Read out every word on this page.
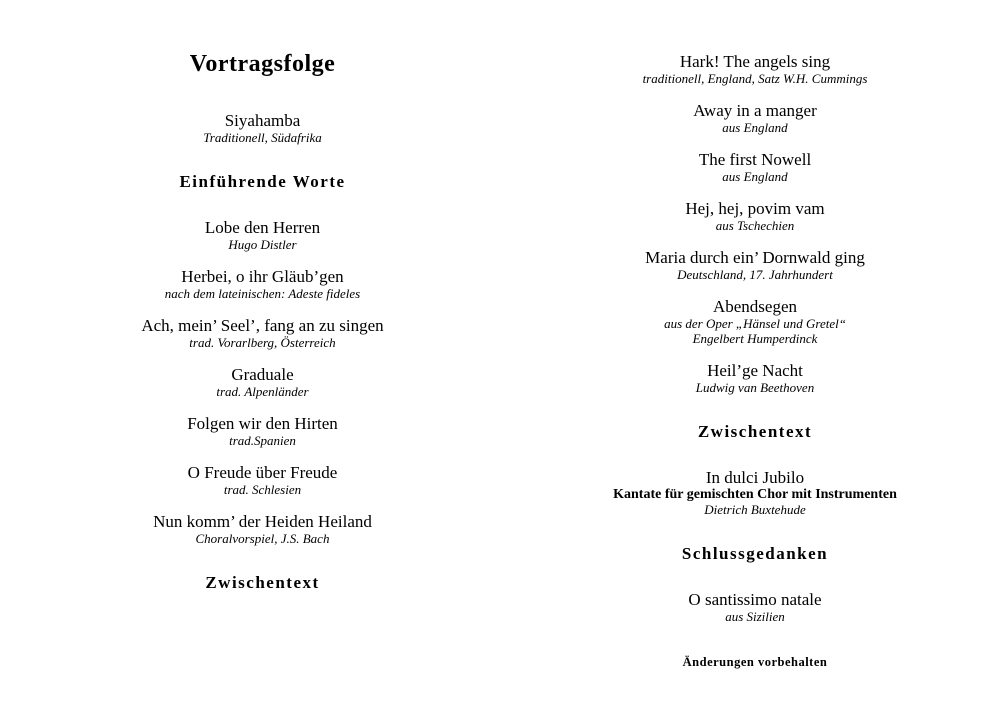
Vortragsfolge
Siyahamba
Traditionell, Südafrika
Einführende Worte
Lobe den Herren
Hugo Distler
Herbei, o ihr Gläub’gen
nach dem lateinischen: Adeste fideles
Ach, mein’ Seel’, fang an zu singen
trad. Vorarlberg, Österreich
Graduale
trad. Alpenländer
Folgen wir den Hirten
trad.Spanien
O Freude über Freude
trad. Schlesien
Nun komm’ der Heiden Heiland
Choralvorspiel, J.S. Bach
Zwischentext
Hark! The angels sing
traditionell, England, Satz W.H. Cummings
Away in a manger
aus England
The first Nowell
aus England
Hej, hej, povim vam
aus Tschechien
Maria durch ein’ Dornwald ging
Deutschland, 17. Jahrhundert
Abendsegen
aus der Oper „Hänsel und Gretel“
Engelbert Humperdinck
Heil’ge Nacht
Ludwig van Beethoven
Zwischentext
In dulci Jubilo
Kantate für gemischten Chor mit Instrumenten
Dietrich Buxtehude
Schlussgedanken
O santissimo natale
aus Sizilien
Änderungen vorbehalten
